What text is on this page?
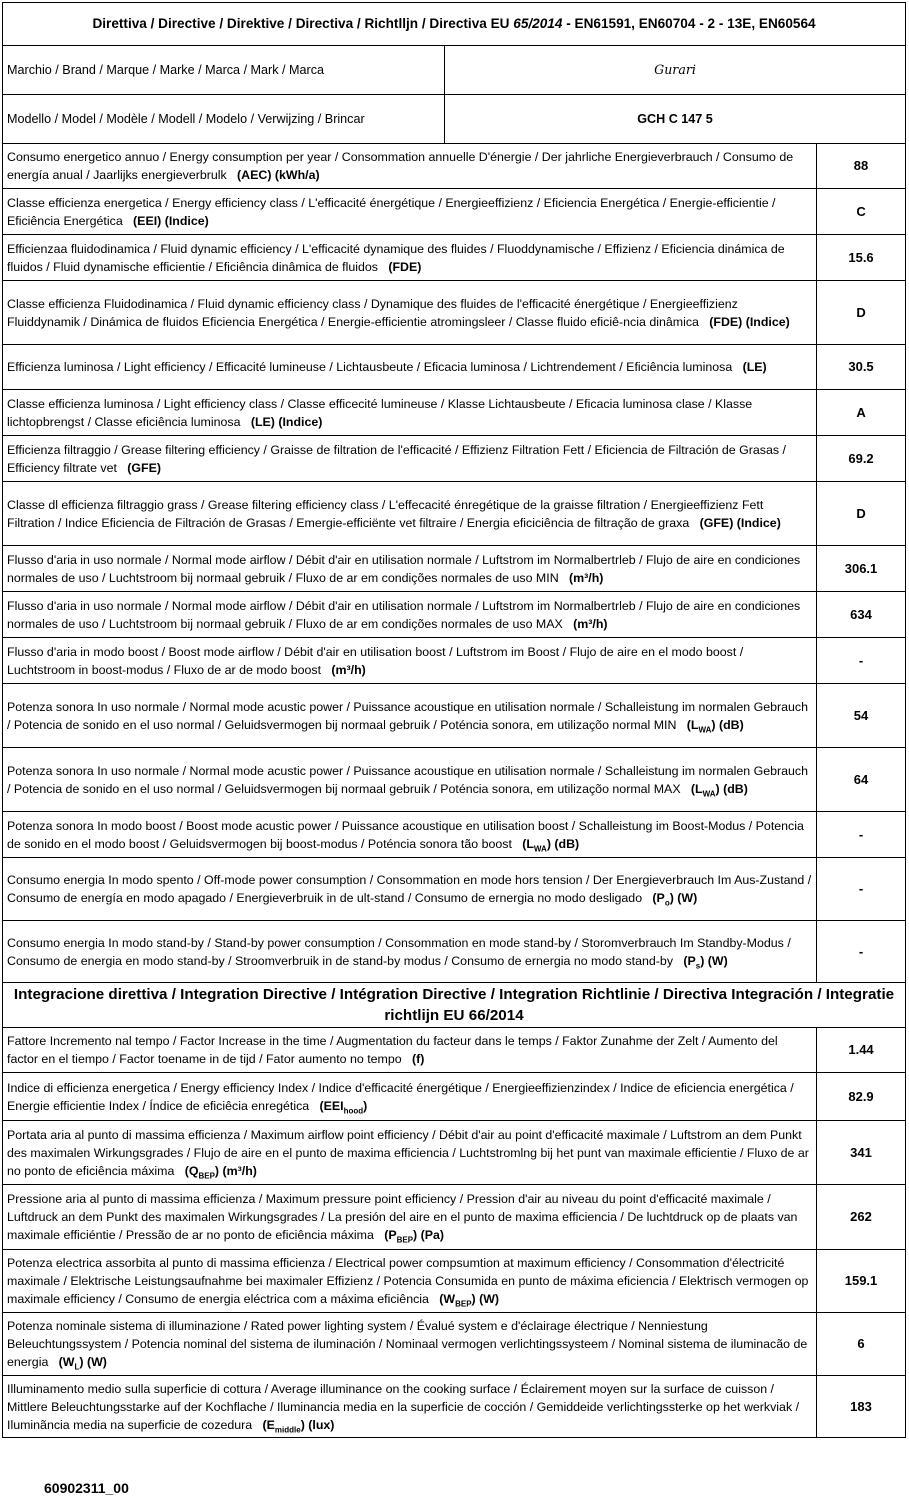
Direttiva / Directive / Direktive / Directiva / Richtllјn / Directiva EU 65/2014 - EN61591, EN60704 - 2 - 13E, EN60564		
Marchio / Brand / Marque / Marke / Marca / Mark / Marca	Gurari	
Modello / Model / Modèle / Modell / Modelo / Verwijzing / Brincar	GCH C 147 5	
Consumo energetico annuo / Energy consumption per year / Consommation annuelle D'énergie / Der jahrliche Energieverbrauch / Consumo de energía anual / Jaarlijks energieverbrulk (AEC) (kWh/a)		88
Classe efficienza energetica / Energy efficiency class / L'efficacité énergétique / Energieeffizienz / Eficiencia Energética / Energie-efficientie / Eficiência Energética (EEI) (Indice)		C
Efficienzaa fluidodinamica / Fluid dynamic efficiency / L'efficacité dynamique des fluides / Fluoddynamische / Effizienz / Eficiencia dinámica de fluidos / Fluid dynamische efficientie / Eficiência dinâmica de fluidos (FDE)		15.6
Classe efficienza Fluidodinamica / Fluid dynamic efficiency class / Dynamique des fluides de l'efficacité énergétique / Energieeffizienz Fluiddynamik / Dinámica de fluidos Eficiencia Energética / Energie-efficientie atromingsleer / Classe fluido eficiê-ncia dinâmica (FDE) (Indice)		D
Efficienza luminosa / Light efficiency / Efficacité lumineuse / Lichtausbeute / Eficacia luminosa / Lichtrendement / Eficiência luminosa (LE)		30.5
Classe efficienza luminosa / Light efficiency class / Classe efficecité lumineuse / Klasse Lichtausbeute / Eficacia luminosa clase / Klasse lichtopbrengst / Classe eficiência luminosa (LE) (Indice)		A
Efficienza filtraggio / Grease filtering efficiency / Graisse de filtration de l'efficacité / Effizienz Filtration Fett / Eficiencia de Filtración de Grasas / Efficiency filtrate vet (GFE)		69.2
Classe dl efficienza filtraggio grass / Grease filtering efficiency class / L'effecacité énregétique de la graisse filtration / Energieeffizienz Fett Filtration / Indice Eficiencia de Filtración de Grasas / Emergie-efficiënte vet filtraire / Energia eficiciência de filtração de graxa (GFE) (Indice)		D
Flusso d'aria in uso normale / Normal mode airflow / Débit d'air en utilisation normale / Luftstrom im Normalbertrleb / Flujo de aire en condiciones normales de uso / Luchtstroom bij normaal gebruik / Fluxo de ar em condições normales de uso MIN (m³/h)		306.1
Flusso d'aria in uso normale / Normal mode airflow / Débit d'air en utilisation normale / Luftstrom im Normalbertrleb / Flujo de aire en condiciones normales de uso / Luchtstroom bij normaal gebruik / Fluxo de ar em condições normales de uso MAX (m³/h)		634
Flusso d'aria in modo boost / Boost mode airflow / Débit d'air en utilisation boost / Luftstrom im Boost / Flujo de aire en el modo boost / Luchtstroom in boost-modus / Fluxo de ar de modo boost (m³/h)		-
Potenza sonora In uso normale / Normal mode acustic power / Puissance acoustique en utilisation normale / Schalleistung im normalen Gebrauch / Potencia de sonido en el uso normal / Geluidsvermogen bij normaal gebruik / Poténcia sonora, em utilizaçõo normal MIN $(L_{WA})$ (dB)		54
Potenza sonora In uso normale / Normal mode acustic power / Puissance acoustique en utilisation normale / Schalleistung im normalen Gebrauch / Potencia de sonido en el uso normal / Geluidsvermogen bij normaal gebruik / Poténcia sonora, em utilizaçõo normal MAX $(L_{WA})$ (dB)		64
Potenza sonora In modo boost / Boost mode acustic power / Puissance acoustique en utilisation boost / Schalleistung im Boost-Modus / Potencia de sonido en el modo boost / Geluidsvermogen bij boost-modus / Poténcia sonora tão boost $(L_{WA})$ (dB)		-
Consumo energia In modo spento / Off-mode power consumption / Consommation en mode hors tension / Der Energieverbrauch Im Aus-Zustand / Consumo de energía en modo apagado / Energieverbruik in de ult-stand / Consumo de ernergia no modo desligado $(P_o)$ (W)		-
Consumo energia In modo stand-by / Stand-by power consumption / Consommation en mode stand-by / Storomverbrauch Im Standby-Modus / Consumo de energia en modo stand-by / Stroomverbruik in de stand-by modus / Consumo de ernergia no modo stand-by $(P_s)$ (W)		-
Integracione direttiva / Integration Directive / Intégration Directive / Integration Richtlinie / Directiva Integración / Integratie richtlijn EU 66/2014		
Fattore Incremento nal tempo / Factor Increase in the time / Augmentation du facteur dans le temps / Faktor Zunahme der Zelt / Aumento del factor en el tiempo / Factor toename in de tijd / Fator aumento no tempo (f)		1.44
Indice di efficienza energetica / Energy efficiency Index / Indice d'efficacité énergétique / Energieeffizienzindex / Indice de eficiencia energética / Energie efficientie Index / Índice de eficiêcia enregética $(EEI_{hood})$		82.9
Portata aria al punto di massima efficienza / Maximum airflow point efficiency / Débit d'air au point d'efficacité maximale / Luftstrom an dem Punkt des maximalen Wirkungsgrades / Flujo de aire en el punto de maxima efficiencia / Luchtstromlng bij het punt van maximale efficientie / Fluxo de ar no ponto de eficiência máxima $(Q_{BEP})$ (m³/h)		341
Pressione aria al punto di massima efficienza / Maximum pressure point efficiency / Pression d'air au niveau du point d'efficacité maximale / Luftdruck an dem Punkt des maximalen Wirkungsgrades / La presión del aire en el punto de maxima efficiencia / De luchtdruck op de plaats van maximale efficiéntie / Pressão de ar no ponto de eficiência máxima $(P_{BEP})$ (Pa)		262
Potenza electrica assorbita al punto di massima efficienza / Electrical power compsumtion at maximum efficiency / Consommation d'électricité maximale / Elektrische Leistungsaufnahme bei maximaler Effizienz / Potencia Consumida en punto de máxima eficiencia / Elektrisch vermogen op maximale efficiency / Consumo de energia eléctrica com a máxima eficiência $(W_{BEP})$ (W)		159.1
Potenza nominale sistema di illuminazione / Rated power lighting system / Évalué system e d'éclairage électrique / Nenniestung Beleuchtungssystem / Potencia nominal del sistema de iluminación / Nominaal vermogen verlichtingssysteem / Nominal sistema de iluminacão de energia $(W_L)$ (W)		6
Illuminamento medio sulla superficie di cottura / Average illuminance on the cooking surface / Éclairement moyen sur la surface de cuisson / Mittlere Beleuchtungsstarke auf der Kochflache / Iluminancia media en la superficie de cocción / Gemiddeide verlichtingssterke op het werkviak / Iluminãncia media na superficie de cozedura $(E_{middle})$ (lux)		183
60902311_00
